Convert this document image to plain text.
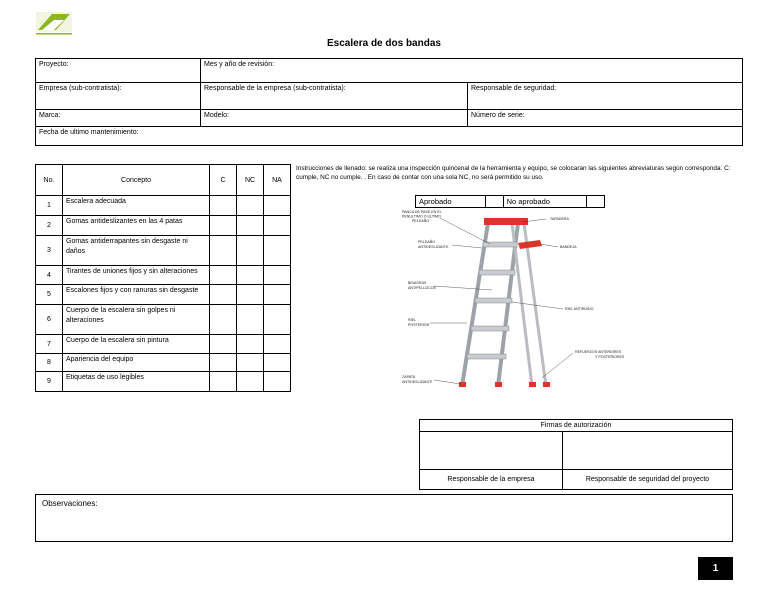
Escalera de dos bandas
Proyecto:	Mes y año de revisión:	
Empresa (sub-contratista):	Responsable de la empresa (sub-contratista):	Responsable de seguridad:
Marca:	Modelo:	Número de serie:
Fecha de ultimo mantenimiento:		
No.	Concepto	C	NC	NA
1	Escalera adecuada			
2	Gomas antideslizantes en las 4 patas			
3	Gomas antiderrapantes sin desgaste ni daños			
4	Tirantes de uniones fijos y sin alteraciones			
5	Escalones fijos y con ranuras sin desgaste			
6	Cuerpo de la escalera sin golpes ni alteraciones			
7	Cuerpo de la escalera sin pintura			
8	Apariencia del equipo			
9	Etiquetas de uso legibles			
Instrucciones de llenado: se realiza una inspección quincenal de la herramienta y equipo, se colocaran las siguientes abreviaturas según corresponda: C: cumple, NC no cumple. . En caso de contar con una sola NC, no será permitido su uso.
Aprobado		No aprobado	
PANCA DE PASE EN EL
PENULTIMO O ULTIMO
PELDAÑO	TAPADERA
PELDAÑO
ANTIDESLIZANTE	BANDEJA
BISAGRAS
ANTIPELLIZCOS
RIEL ANTIRUIDO
RIEL
POSTERIOR
REFUERZOS ANTERIORES
Y POSTERIORES
ZAPATA
ANTIDESLIZANTE
Firmas de autorización	

Responsable de la empresa	Responsable de seguridad del proyecto
Observaciones:
1
